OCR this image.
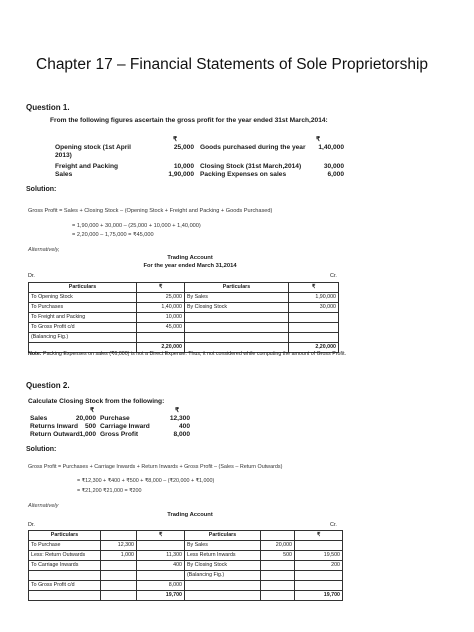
Chapter 17 – Financial Statements of Sole Proprietorship
Question 1.
From the following figures ascertain the gross profit for the year ended 31st March,2014:
₹	₹
Opening stock (1st April	25,000 Goods purchased during the year	1,40,000
2013)
Freight and Packing	10,000 Closing Stock (31st March,2014)	30,000
Sales	1,90,000 Packing Expenses on sales	6,000
Solution:
Gross Profit = Sales + Closing Stock – (Opening Stock + Freight and Packing + Goods Purchased)
= 1,90,000 + 30,000 – (25,000 + 10,000 + 1,40,000)
= 2,20,000 – 1,75,000 = ₹45,000
Alternatively,
Trading Account
For the year ended March 31,2014
Dr.	Cr.
Particulars	₹	Particulars	₹
To Opening Stock	25,000	By Sales	1,90,000
To Purchases	1,40,000	By Closing Stock	30,000
To Freight and Packing	10,000		
To Gross Profit c/d	45,000		
(Balancing Fig.)			
	2,20,000		2,20,000
Note: Packing Expenses on sales (₹6,000) is not a Direct Expense. Thus, it not considered while computing the amount of Gross Profit.
Question 2.
Calculate Closing Stock from the following:
₹	₹
Sales	20,000 Purchase	12,300
Returns Inward	500 Carriage Inward	400
Return Outward 1,000 Gross Profit	8,000
Solution:
Gross Profit = Purchases + Carriage Inwards + Return Inwards + Gross Profit – (Sales – Return Outwards)
= ₹12,300 + ₹400 + ₹500 + ₹8,000 – (₹20,000 + ₹1,000)
= ₹21,200 ₹21,000 = ₹200
Alternatively
Trading Account
Dr.	Cr.
Particulars		₹	Particulars		₹
To Purchase	12,300		By Sales	20,000	
Less: Return Outwards	1,000	11,300	Less Return Inwards	500	19,500
To Carriage Inwards		400	By Closing Stock		200
			(Balancing Fig.)		
To Gross Profit c/d		8,000			
		19,700			19,700
